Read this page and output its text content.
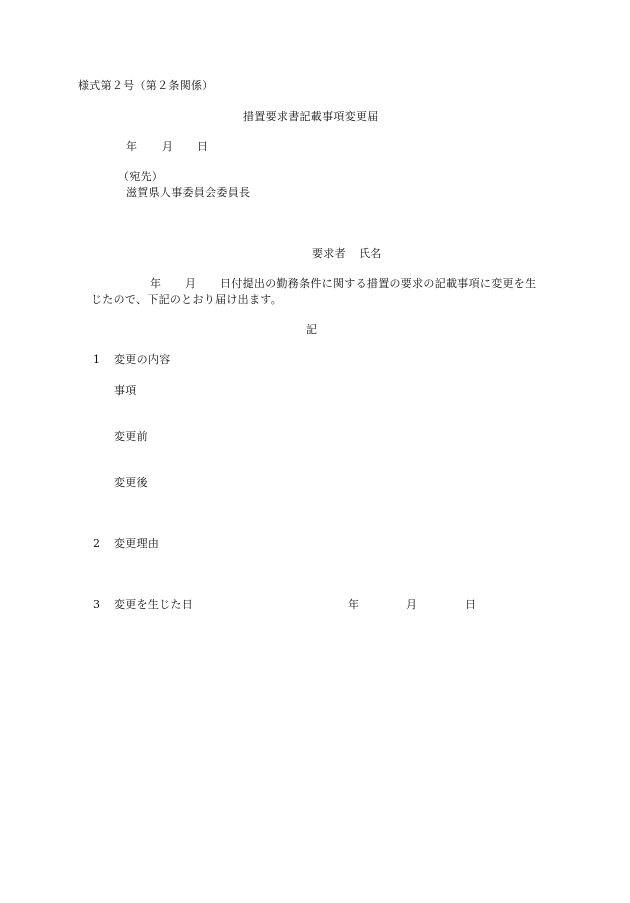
様式第２号（第２条関係）
措置要求書記載事項変更届
年 月 日
（宛先）
滋賀県人事委員会委員長
要求者 氏名
年 月 日付提出の勤務条件に関する措置の要求の記載事項に変更を生
じたので、下記のとおり届け出ます。
記
1 変更の内容
事項
変更前
変更後
2 変更理由
3 変更を生じた日	年	月	日
